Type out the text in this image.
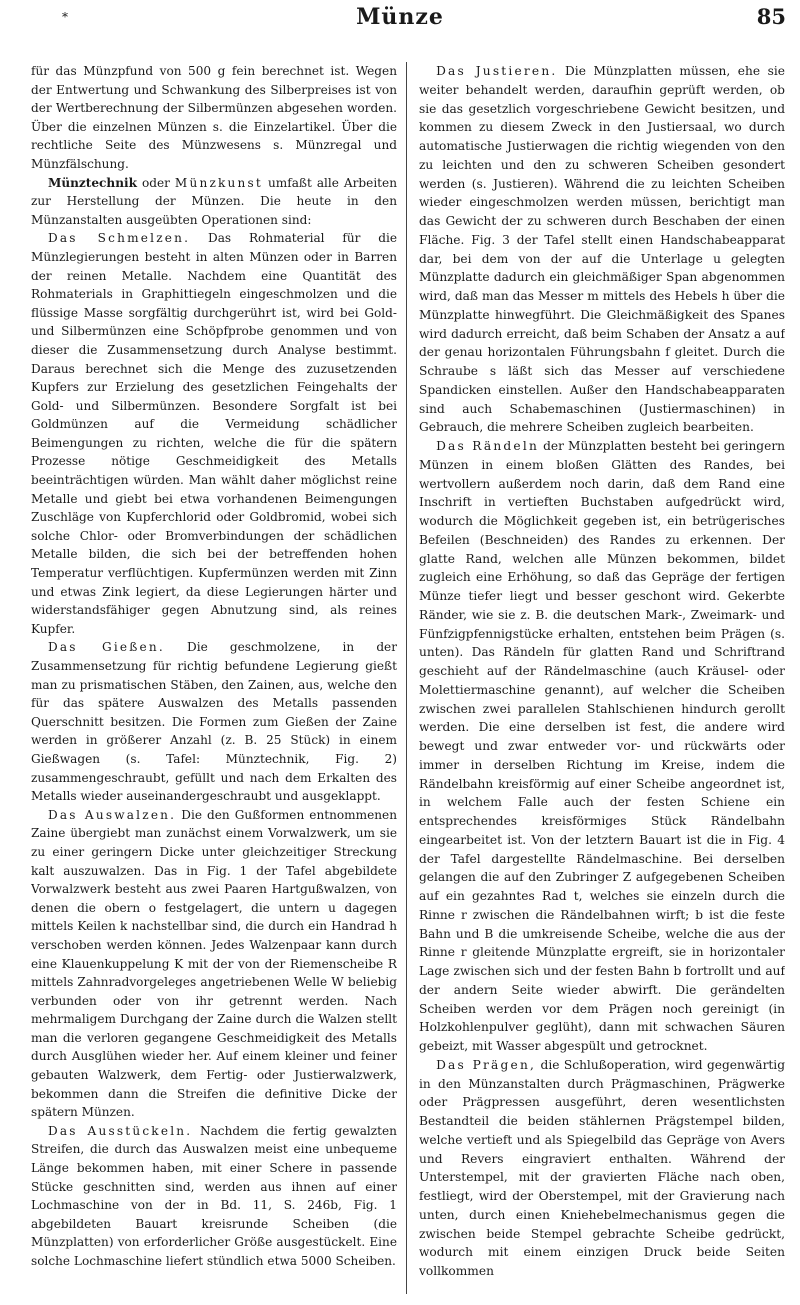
*	Münze	85

für das Münzpfund von 500 g fein berechnet ist. Wegen der Entwertung und Schwankung des Silberpreises ist von der Wertberechnung der Silbermünzen abgesehen worden. Über die einzelnen Münzen s. die Einzelartikel. Über die rechtliche Seite des Münzwesens s. Münzregal und Münzfälschung.

Münztechnik oder Münzkunst umfaßt alle Arbeiten zur Herstellung der Münzen. Die heute in den Münzanstalten ausgeübten Operationen sind:

Das Schmelzen. Das Rohmaterial für die Münzlegierungen besteht in alten Münzen oder in Barren der reinen Metalle. Nachdem eine Quantität des Rohmaterials in Graphittiegeln eingeschmolzen und die flüssige Masse sorgfältig durchgerührt ist, wird bei Gold- und Silbermünzen eine Schöpfprobe genommen und von dieser die Zusammensetzung durch Analyse bestimmt. Daraus berechnet sich die Menge des zuzusetzenden Kupfers zur Erzielung des gesetzlichen Feingehalts der Gold- und Silbermünzen. Besondere Sorgfalt ist bei Goldmünzen auf die Vermeidung schädlicher Beimengungen zu richten, welche die für die spätern Prozesse nötige Geschmeidigkeit des Metalls beeinträchtigen würden. Man wählt daher möglichst reine Metalle und giebt bei etwa vorhandenen Beimengungen Zuschläge von Kupferchlorid oder Goldbromid, wobei sich solche Chlor- oder Bromverbindungen der schädlichen Metalle bilden, die sich bei der betreffenden hohen Temperatur verflüchtigen. Kupfermünzen werden mit Zinn und etwas Zink legiert, da diese Legierungen härter und widerstandsfähiger gegen Abnutzung sind, als reines Kupfer.

Das Gießen. Die geschmolzene, in der Zusammensetzung für richtig befundene Legierung gießt man zu prismatischen Stäben, den Zainen, aus, welche den für das spätere Auswalzen des Metalls passenden Querschnitt besitzen. Die Formen zum Gießen der Zaine werden in größerer Anzahl (z. B. 25 Stück) in einem Gießwagen (s. Tafel: Münztechnik, Fig. 2) zusammengeschraubt, gefüllt und nach dem Erkalten des Metalls wieder auseinandergeschraubt und ausgeklappt.

Das Auswalzen. Die den Gußformen entnommenen Zaine übergiebt man zunächst einem Vorwalzwerk, um sie zu einer geringern Dicke unter gleichzeitiger Streckung kalt auszuwalzen. Das in Fig. 1 der Tafel abgebildete Vorwalzwerk besteht aus zwei Paaren Hartgußwalzen, von denen die obern o festgelagert, die untern u dagegen mittels Keilen k nachstellbar sind, die durch ein Handrad h verschoben werden können. Jedes Walzenpaar kann durch eine Klauenkuppelung K mit der von der Riemenscheibe R mittels Zahnradvorgeleges angetriebenen Welle W beliebig verbunden oder von ihr getrennt werden. Nach mehrmaligem Durchgang der Zaine durch die Walzen stellt man die verloren gegangene Geschmeidigkeit des Metalls durch Ausglühen wieder her. Auf einem kleiner und feiner gebauten Walzwerk, dem Fertig- oder Justierwalzwerk, bekommen dann die Streifen die definitive Dicke der spätern Münzen.

Das Ausstückeln. Nachdem die fertig gewalzten Streifen, die durch das Auswalzen meist eine unbequeme Länge bekommen haben, mit einer Schere in passende Stücke geschnitten sind, werden aus ihnen auf einer Lochmaschine von der in Bd. 11, S. 246b, Fig. 1 abgebildeten Bauart kreisrunde Scheiben (die Münzplatten) von erforderlicher Größe ausgestückelt. Eine solche Lochmaschine liefert stündlich etwa 5000 Scheiben.

Das Justieren. Die Münzplatten müssen, ehe sie weiter behandelt werden, daraufhin geprüft werden, ob sie das gesetzlich vorgeschriebene Gewicht besitzen, und kommen zu diesem Zweck in den Justiersaal, wo durch automatische Justierwagen die richtig wiegenden von den zu leichten und den zu schweren Scheiben gesondert werden (s. Justieren). Während die zu leichten Scheiben wieder eingeschmolzen werden müssen, berichtigt man das Gewicht der zu schweren durch Beschaben der einen Fläche. Fig. 3 der Tafel stellt einen Handschabeapparat dar, bei dem von der auf die Unterlage u gelegten Münzplatte dadurch ein gleichmäßiger Span abgenommen wird, daß man das Messer m mittels des Hebels h über die Münzplatte hinwegführt. Die Gleichmäßigkeit des Spanes wird dadurch erreicht, daß beim Schaben der Ansatz a auf der genau horizontalen Führungsbahn f gleitet. Durch die Schraube s läßt sich das Messer auf verschiedene Spandicken einstellen. Außer den Handschabeapparaten sind auch Schabemaschinen (Justiermaschinen) in Gebrauch, die mehrere Scheiben zugleich bearbeiten.

Das Rändeln der Münzplatten besteht bei geringern Münzen in einem bloßen Glätten des Randes, bei wertvollern außerdem noch darin, daß dem Rand eine Inschrift in vertieften Buchstaben aufgedrückt wird, wodurch die Möglichkeit gegeben ist, ein betrügerisches Befeilen (Beschneiden) des Randes zu erkennen. Der glatte Rand, welchen alle Münzen bekommen, bildet zugleich eine Erhöhung, so daß das Gepräge der fertigen Münze tiefer liegt und besser geschont wird. Gekerbte Ränder, wie sie z. B. die deutschen Mark-, Zweimark- und Fünfzigpfennigstücke erhalten, entstehen beim Prägen (s. unten). Das Rändeln für glatten Rand und Schriftrand geschieht auf der Rändelmaschine (auch Kräusel- oder Molettiermaschine genannt), auf welcher die Scheiben zwischen zwei parallelen Stahlschienen hindurch gerollt werden. Die eine derselben ist fest, die andere wird bewegt und zwar entweder vor- und rückwärts oder immer in derselben Richtung im Kreise, indem die Rändelbahn kreisförmig auf einer Scheibe angeordnet ist, in welchem Falle auch der festen Schiene ein entsprechendes kreisförmiges Stück Rändelbahn eingearbeitet ist. Von der letztern Bauart ist die in Fig. 4 der Tafel dargestellte Rändelmaschine. Bei derselben gelangen die auf den Zubringer Z aufgegebenen Scheiben auf ein gezahntes Rad t, welches sie einzeln durch die Rinne r zwischen die Rändelbahnen wirft; b ist die feste Bahn und B die umkreisende Scheibe, welche die aus der Rinne r gleitende Münzplatte ergreift, sie in horizontaler Lage zwischen sich und der festen Bahn b fortrollt und auf der andern Seite wieder abwirft. Die gerändelten Scheiben werden vor dem Prägen noch gereinigt (in Holzkohlenpulver geglüht), dann mit schwachen Säuren gebeizt, mit Wasser abgespült und getrocknet.

Das Prägen, die Schlußoperation, wird gegenwärtig in den Münzanstalten durch Prägmaschinen, Prägwerke oder Prägpressen ausgeführt, deren wesentlichsten Bestandteil die beiden stählernen Prägstempel bilden, welche vertieft und als Spiegelbild das Gepräge von Avers und Revers eingraviert enthalten. Während der Unterstempel, mit der gravierten Fläche nach oben, festliegt, wird der Oberstempel, mit der Gravierung nach unten, durch einen Kniehebelmechanismus gegen die zwischen beide Stempel gebrachte Scheibe gedrückt, wodurch mit einem einzigen Druck beide Seiten vollkommen
